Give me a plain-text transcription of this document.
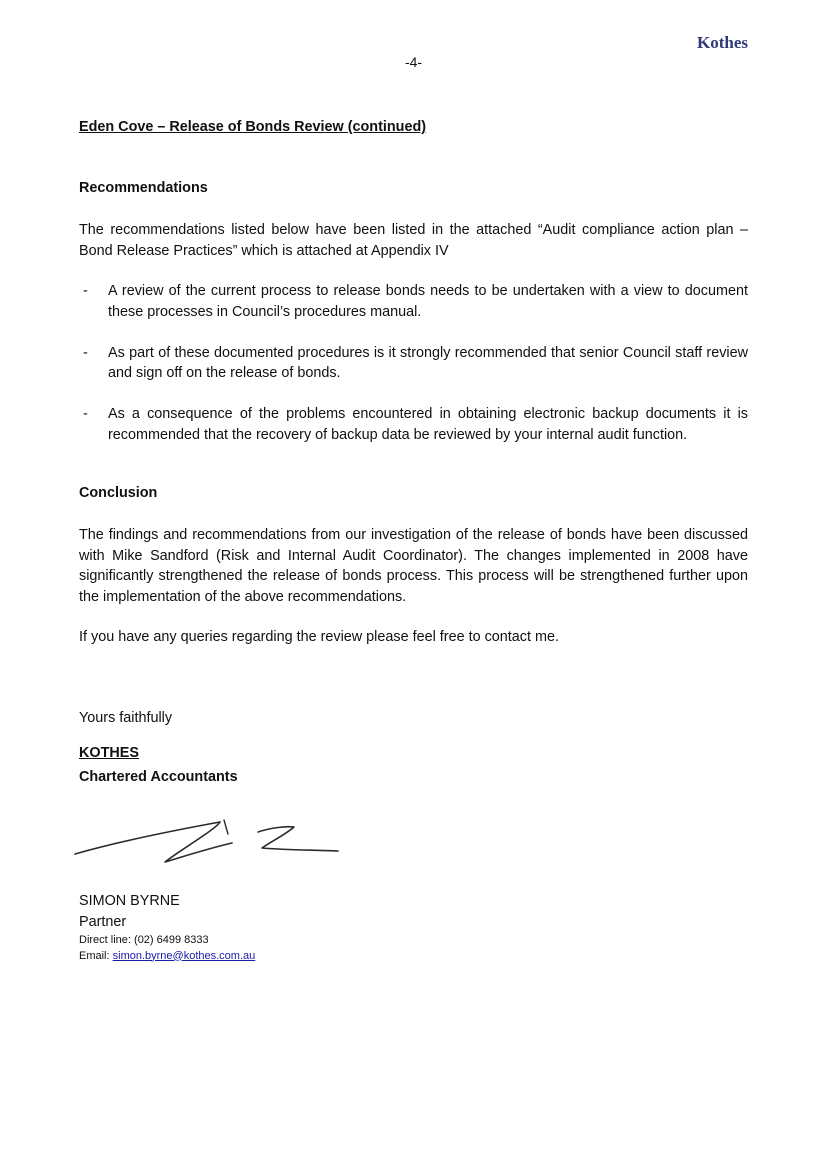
Kothes
-4-
Eden Cove – Release of Bonds Review (continued)
Recommendations
The recommendations listed below have been listed in the attached “Audit compliance action plan – Bond Release Practices” which is attached at Appendix IV
- A review of the current process to release bonds needs to be undertaken with a view to document these processes in Council’s procedures manual.
- As part of these documented procedures is it strongly recommended that senior Council staff review and sign off on the release of bonds.
- As a consequence of the problems encountered in obtaining electronic backup documents it is recommended that the recovery of backup data be reviewed by your internal audit function.
Conclusion
The findings and recommendations from our investigation of the release of bonds have been discussed with Mike Sandford (Risk and Internal Audit Coordinator). The changes implemented in 2008 have significantly strengthened the release of bonds process. This process will be strengthened further upon the implementation of the above recommendations.
If you have any queries regarding the review please feel free to contact me.
Yours faithfully
KOTHES
Chartered Accountants
SIMON BYRNE
Partner
Direct line: (02) 6499 8333
Email: simon.byrne@kothes.com.au
